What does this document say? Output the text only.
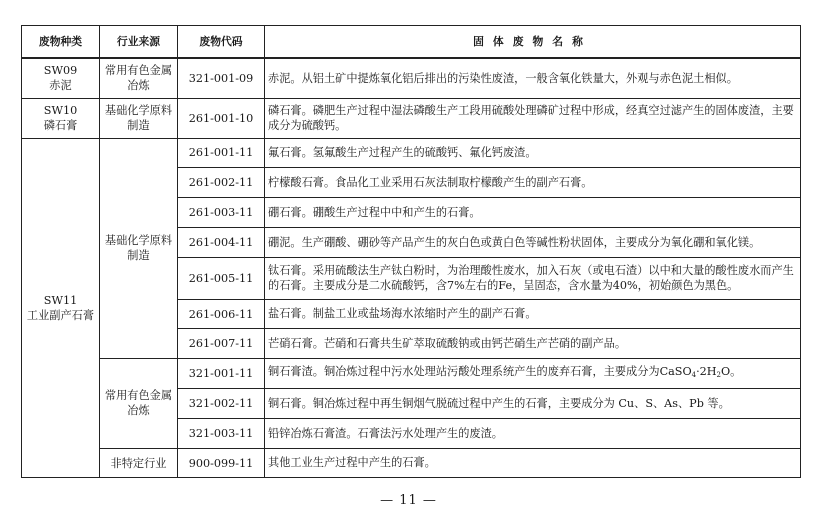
废物种类	行业来源	废物代码	固体废物名称

SW09
赤泥	常用有色金属冶炼	321-001-09	赤泥。从铝土矿中提炼氧化铝后排出的污染性废渣，一般含氧化铁量大，外观与赤色泥土相似。

SW10
磷石膏	基础化学原料制造	261-001-10	磷石膏。磷肥生产过程中湿法磷酸生产工段用硫酸处理磷矿过程中形成，经真空过滤产生的固体废渣，主要成分为硫酸钙。

SW11
工业副产石膏	基础化学原料制造	261-001-11	氟石膏。氢氟酸生产过程产生的硫酸钙、氟化钙废渣。
		261-002-11	柠檬酸石膏。食品化工业采用石灰法制取柠檬酸产生的副产石膏。
		261-003-11	硼石膏。硼酸生产过程中中和产生的石膏。
		261-004-11	硼泥。生产硼酸、硼砂等产品产生的灰白色或黄白色等碱性粉状固体，主要成分为氧化硼和氧化镁。
		261-005-11	钛石膏。采用硫酸法生产钛白粉时，为治理酸性废水，加入石灰（或电石渣）以中和大量的酸性废水而产生的石膏。主要成分是二水硫酸钙，含7%左右的Fe，呈固态，含水量为40%，初始颜色为黑色。
		261-006-11	盐石膏。制盐工业或盐场海水浓缩时产生的副产石膏。
		261-007-11	芒硝石膏。芒硝和石膏共生矿萃取硫酸钠或由钙芒硝生产芒硝的副产品。
	常用有色金属冶炼	321-001-11	铜石膏渣。铜冶炼过程中污水处理站污酸处理系统产生的废弃石膏，主要成分为$CaSO_4\cdot 2H_2O$。
		321-002-11	铜石膏。铜冶炼过程中再生铜烟气脱硫过程中产生的石膏，主要成分为 Cu、S、As、Pb 等。
		321-003-11	铅锌冶炼石膏渣。石膏法污水处理产生的废渣。
	非特定行业	900-099-11	其他工业生产过程中产生的石膏。
— 11 —
